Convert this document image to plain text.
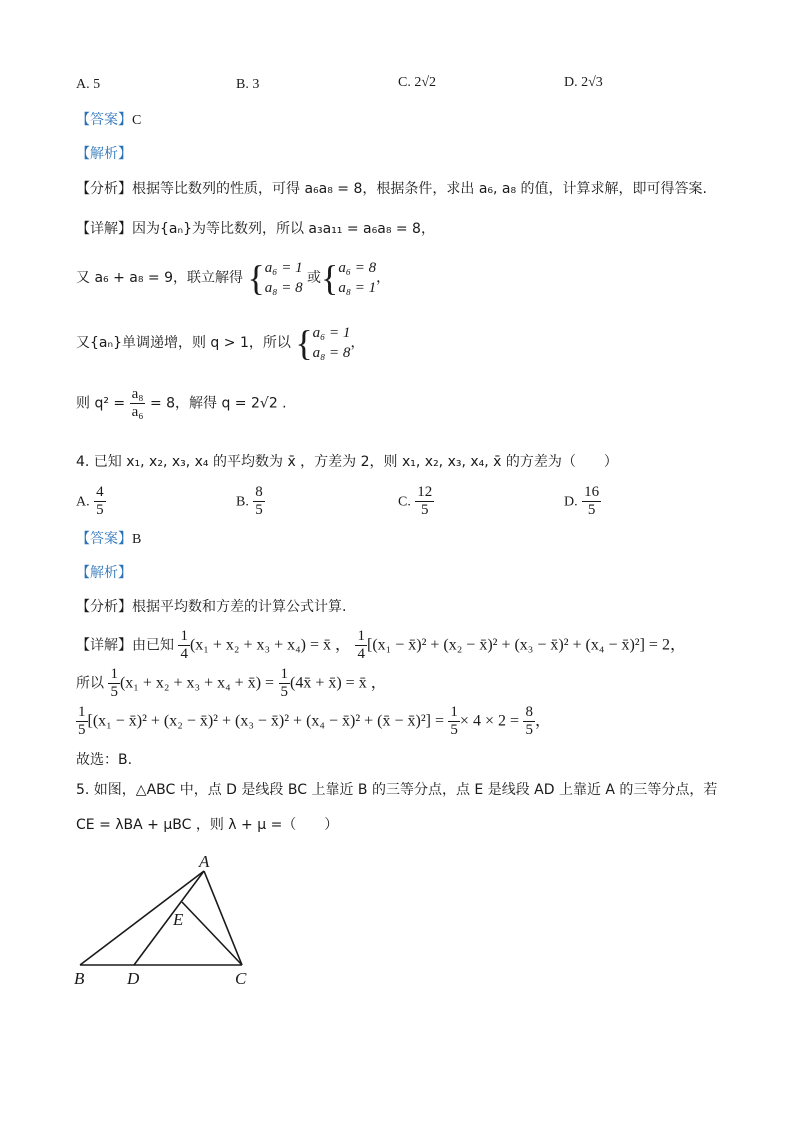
A. 5	B. 3	C. 2√2	D. 2√3
【答案】C
【解析】
【分析】根据等比数列的性质，可得 a₆a₈ = 8，根据条件，求出 a₆, a₈ 的值，计算求解，即可得答案.
【详解】因为{aₙ}为等比数列，所以 a₃a₁₁ = a₆a₈ = 8，
又 a₆ + a₈ = 9，联立解得 { a₆ = 1
a₈ = 8
或{ a₆ = 8
a₈ = 1
，
又{aₙ}单调递增，则 q > 1，所以 { a₆ = 1
a₈ = 8
，
则 $q^2 = \frac{\text{a₈}}{\text{a₆}} = 8$，解得 q = 2√2 .
4. 已知 x₁, x₂, x₃, x₄ 的平均数为 x̄ ，方差为 2，则 x₁, x₂, x₃, x₄, x̄ 的方差为（　　）
A. $\frac{4}{5}$	B. $\frac{8}{5}$	C. $\frac{12}{5}$	D. $\frac{16}{5}$
【答案】B
【解析】
【分析】根据平均数和方差的计算公式计算.
【详解】由已知 $\frac{1}{4} (x_1 + x_2 + x_3 + x_4)$ = x̄ ， $\frac{1}{4} [(x_1$ − x̄)² + (x₂ − x̄)² + (x₃ − x̄)² + (x₄ − x̄)²] = 2，
所以 $\frac{1}{5} (x_1 + x_2 + x_3 + x_4$ + x̄) = $\frac{1}{5}$ (4x̄ + x̄) = x̄ ，
$\frac{1}{5} [(x_1$ − x̄)² + (x₂ − x̄)² + (x₃ − x̄)² + (x₄ − x̄)² + (x̄ − x̄)²] = $\frac{1}{5} \times 4 \times 2 = \frac{8}{5}$ ，
故选：B.
5. 如图，△ABC 中，点 D 是线段 BC 上靠近 B 的三等分点，点 E 是线段 AD 上靠近 A 的三等分点，若
CE = λBA + μBC ，则 λ + μ =（　　）
A
B	C
D
E
